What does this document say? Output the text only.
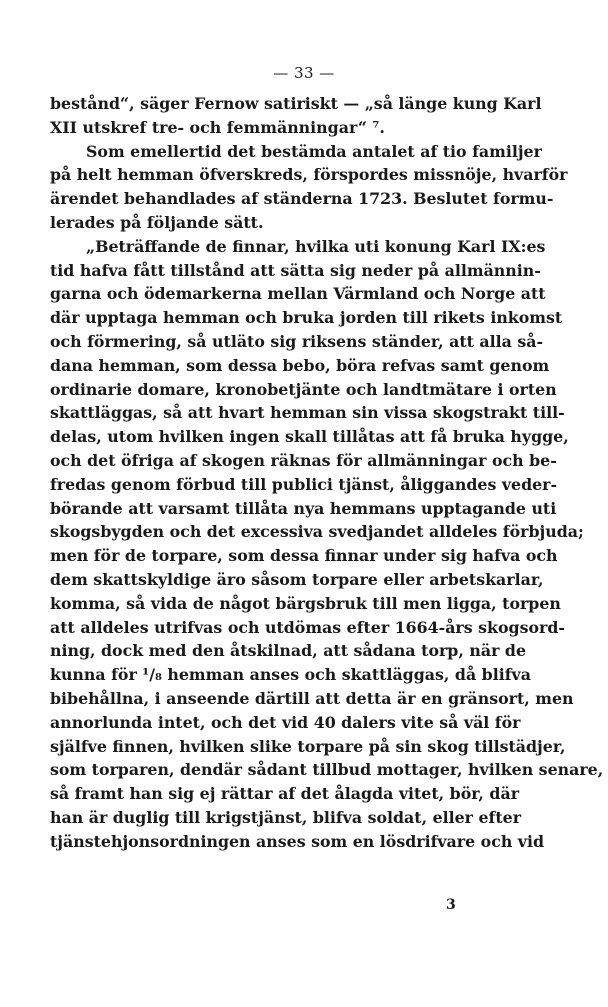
— 33 —
bestånd“, säger Fernow satiriskt — „så länge kung Karl
XII utskref tre- och femmänningar“ ⁷.
Som emellertid det bestämda antalet af tio familjer
på helt hemman öfverskreds, förspordes missnöje, hvarför
ärendet behandlades af ständerna 1723. Beslutet formu-
lerades på följande sätt.
„Beträffande de finnar, hvilka uti konung Karl IX:es
tid hafva fått tillstånd att sätta sig neder på allmännin-
garna och ödemarkerna mellan Värmland och Norge att
där upptaga hemman och bruka jorden till rikets inkomst
och förmering, så utläto sig riksens ständer, att alla så-
dana hemman, som dessa bebo, böra refvas samt genom
ordinarie domare, kronobetjänte och landtmätare i orten
skattläggas, så att hvart hemman sin vissa skogstrakt till-
delas, utom hvilken ingen skall tillåtas att få bruka hygge,
och det öfriga af skogen räknas för allmänningar och be-
fredas genom förbud till publici tjänst, åliggandes veder-
börande att varsamt tillåta nya hemmans upptagande uti
skogsbygden och det excessiva svedjandet alldeles förbjuda;
men för de torpare, som dessa finnar under sig hafva och
dem skattskyldige äro såsom torpare eller arbetskarlar,
komma, så vida de något bärgsbruk till men ligga, torpen
att alldeles utrifvas och utdömas efter 1664-års skogsord-
ning, dock med den åtskilnad, att sådana torp, när de
kunna för ¹/₈ hemman anses och skattläggas, då blifva
bibehållna, i anseende därtill att detta är en gränsort, men
annorlunda intet, och det vid 40 dalers vite så väl för
själfve finnen, hvilken slike torpare på sin skog tillstädjer,
som torparen, dendär sådant tillbud mottager, hvilken senare,
så framt han sig ej rättar af det ålagda vitet, bör, där
han är duglig till krigstjänst, blifva soldat, eller efter
tjänstehjonsordningen anses som en lösdrifvare och vid
3
